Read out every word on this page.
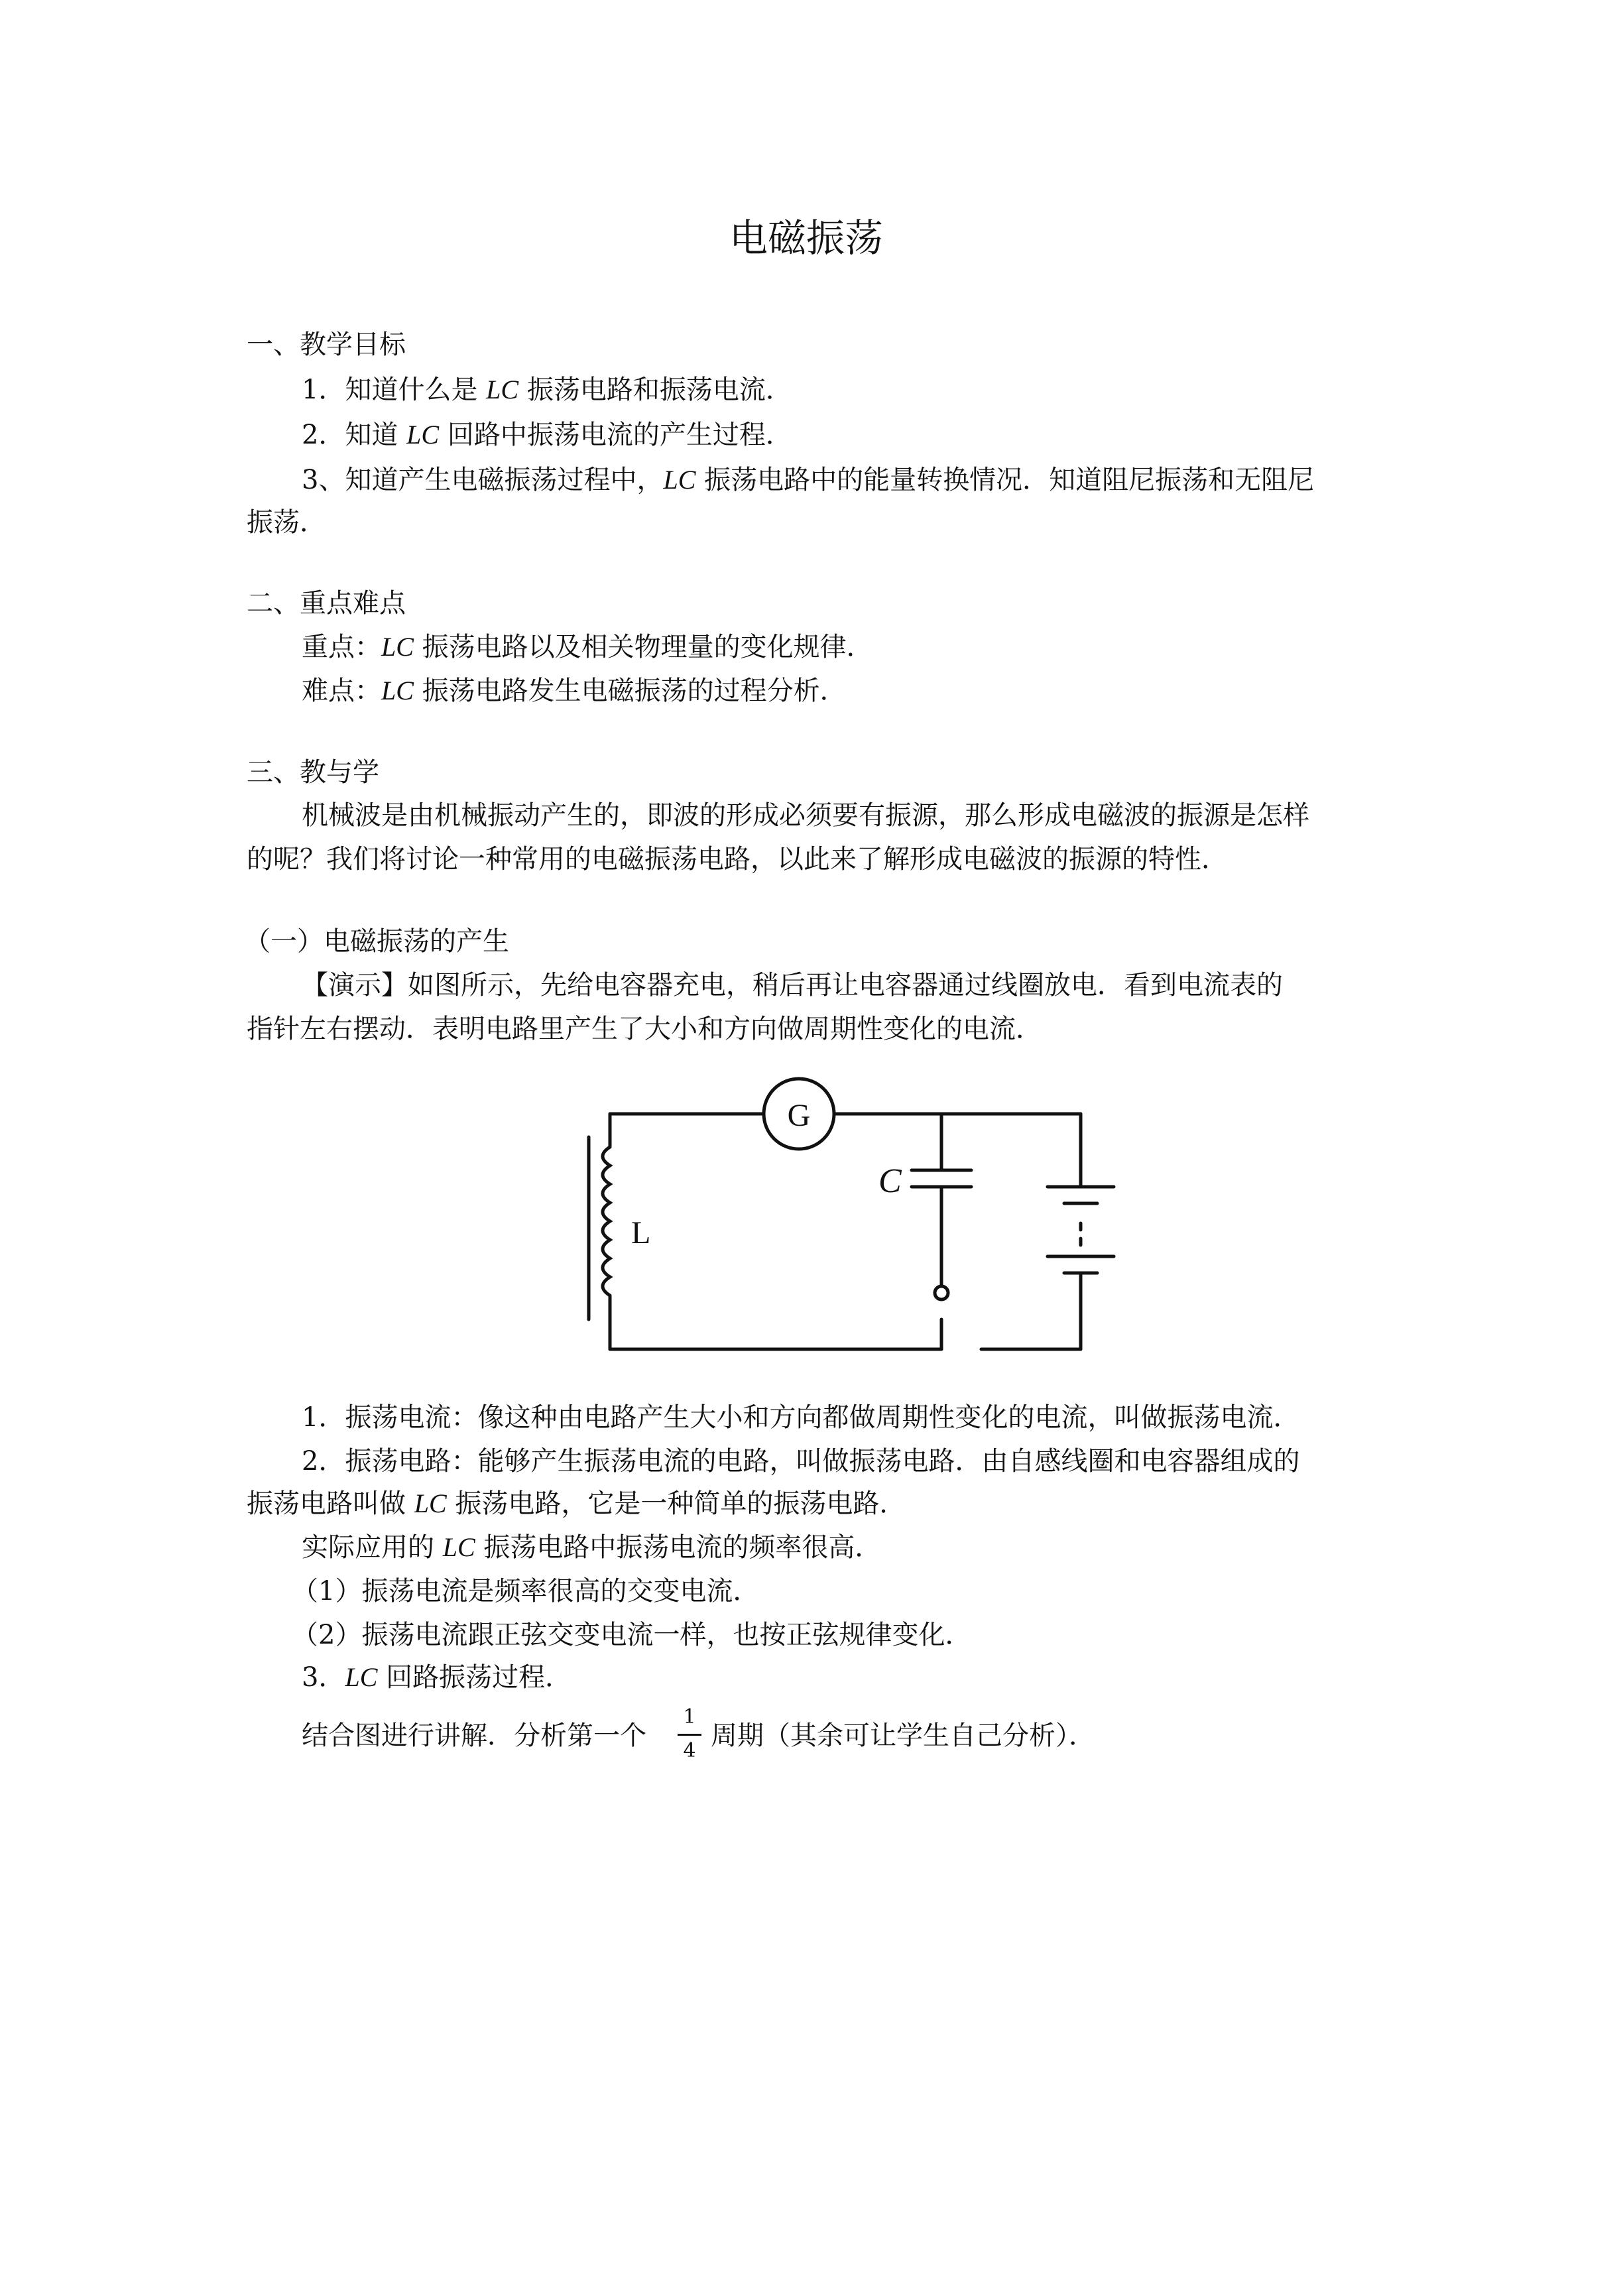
电磁振荡
一、教学目标
1．知道什么是 LC 振荡电路和振荡电流．
2．知道 LC 回路中振荡电流的产生过程．
3、知道产生电磁振荡过程中，LC 振荡电路中的能量转换情况．知道阻尼振荡和无阻尼
振荡．
二、重点难点
重点：LC 振荡电路以及相关物理量的变化规律．
难点：LC 振荡电路发生电磁振荡的过程分析．
三、教与学
机械波是由机械振动产生的，即波的形成必须要有振源，那么形成电磁波的振源是怎样
的呢？我们将讨论一种常用的电磁振荡电路，以此来了解形成电磁波的振源的特性．
（一）电磁振荡的产生
【演示】如图所示，先给电容器充电，稍后再让电容器通过线圈放电．看到电流表的
指针左右摆动．表明电路里产生了大小和方向做周期性变化的电流．
G
L
C
1．振荡电流：像这种由电路产生大小和方向都做周期性变化的电流，叫做振荡电流．
2．振荡电路：能够产生振荡电流的电路，叫做振荡电路．由自感线圈和电容器组成的
振荡电路叫做 LC 振荡电路，它是一种简单的振荡电路．
实际应用的 LC 振荡电路中振荡电流的频率很高．
（1）振荡电流是频率很高的交变电流．
（2）振荡电流跟正弦交变电流一样，也按正弦规律变化．
3．LC 回路振荡过程．
结合图进行讲解．分析第一个
1
4 周期（其余可让学生自己分析）．
